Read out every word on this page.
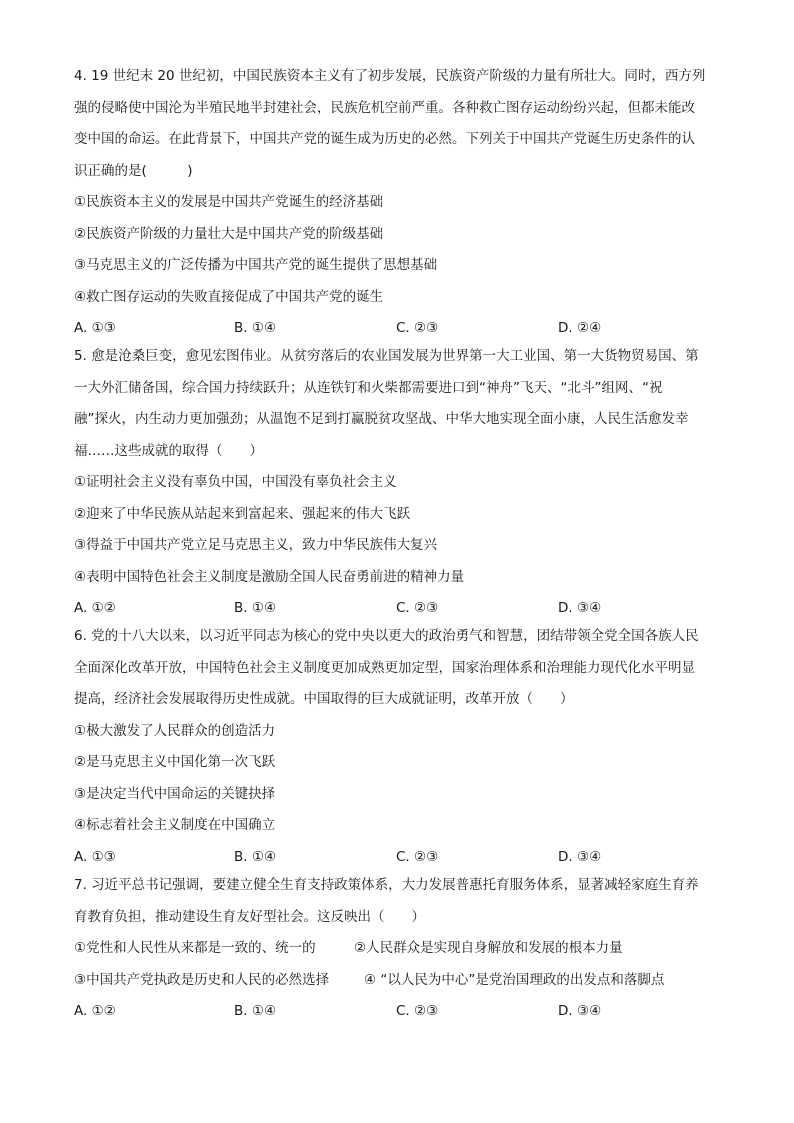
4. 19 世纪末 20 世纪初，中国民族资本主义有了初步发展，民族资产阶级的力量有所壮大。同时，西方列
强的侵略使中国沦为半殖民地半封建社会，民族危机空前严重。各种救亡图存运动纷纷兴起，但都未能改
变中国的命运。在此背景下，中国共产党的诞生成为历史的必然。下列关于中国共产党诞生历史条件的认
识正确的是(　　　)
①民族资本主义的发展是中国共产党诞生的经济基础
②民族资产阶级的力量壮大是中国共产党的阶级基础
③马克思主义的广泛传播为中国共产党的诞生提供了思想基础
④救亡图存运动的失败直接促成了中国共产党的诞生
A. ①③	B. ①④	C. ②③	D. ②④
5. 愈是沧桑巨变，愈见宏图伟业。从贫穷落后的农业国发展为世界第一大工业国、第一大货物贸易国、第
一大外汇储备国，综合国力持续跃升；从连铁钉和火柴都需要进口到“神舟”飞天、“北斗”组网、“祝
融”探火，内生动力更加强劲；从温饱不足到打赢脱贫攻坚战、中华大地实现全面小康，人民生活愈发幸
福……这些成就的取得（　　）
①证明社会主义没有辜负中国，中国没有辜负社会主义
②迎来了中华民族从站起来到富起来、强起来的伟大飞跃
③得益于中国共产党立足马克思主义，致力中华民族伟大复兴
④表明中国特色社会主义制度是激励全国人民奋勇前进的精神力量
A. ①②	B. ①④	C. ②③	D. ③④
6. 党的十八大以来，以习近平同志为核心的党中央以更大的政治勇气和智慧，团结带领全党全国各族人民
全面深化改革开放，中国特色社会主义制度更加成熟更加定型，国家治理体系和治理能力现代化水平明显
提高，经济社会发展取得历史性成就。中国取得的巨大成就证明，改革开放（　　）
①极大激发了人民群众的创造活力
②是马克思主义中国化第一次飞跃
③是决定当代中国命运的关键抉择
④标志着社会主义制度在中国确立
A. ①③	B. ①④	C. ②③	D. ③④
7. 习近平总书记强调，要建立健全生育支持政策体系，大力发展普惠托育服务体系，显著减轻家庭生育养
育教育负担，推动建设生育友好型社会。这反映出（　　）
①党性和人民性从来都是一致的、统一的	②人民群众是实现自身解放和发展的根本力量
③中国共产党执政是历史和人民的必然选择	④ “以人民为中心”是党治国理政的出发点和落脚点
A. ①②	B. ①④	C. ②③	D. ③④
